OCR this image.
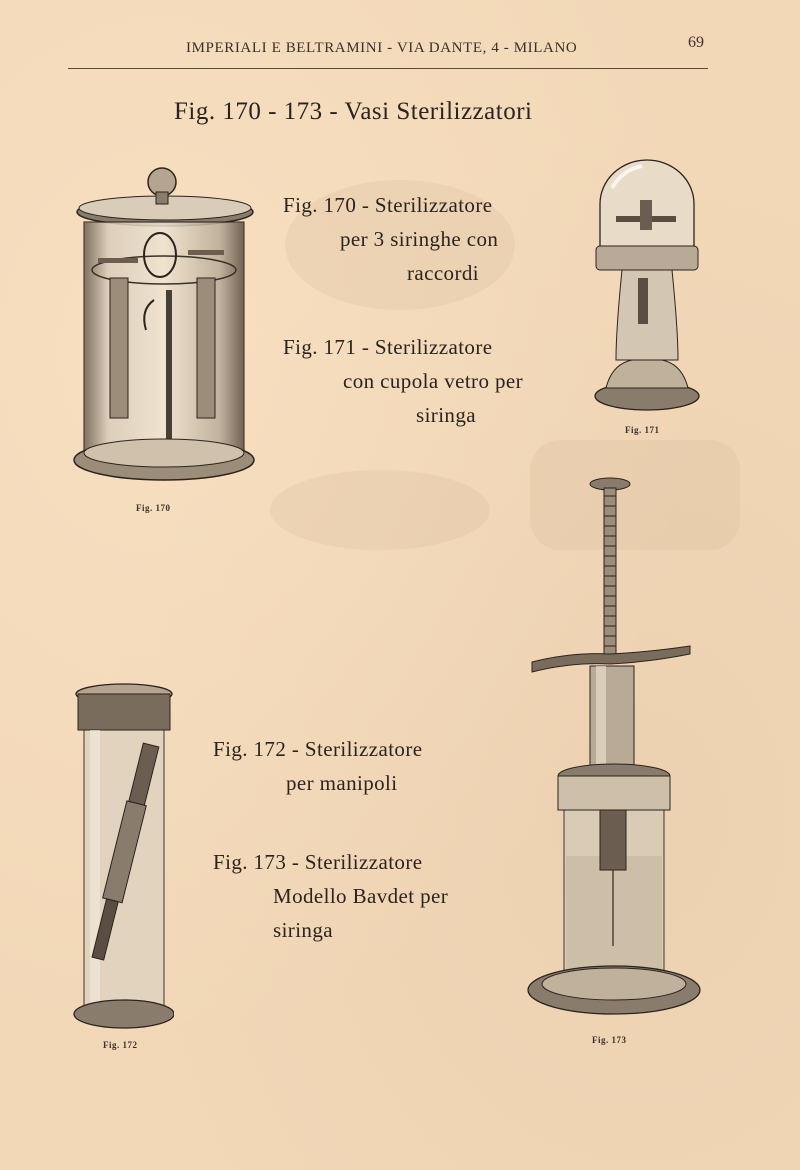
IMPERIALI E BELTRAMINI - VIA DANTE, 4 - MILANO	69
Fig. 170 - 173 - Vasi Sterilizzatori
Fig. 170
Fig. 171
Fig. 172	Fig. 173
Fig. 170 - Sterilizzatore
per 3 siringhe con
raccordi
Fig. 171 - Sterilizzatore
con cupola vetro per
siringa
Fig. 172 - Sterilizzatore
per manipoli
Fig. 173 - Sterilizzatore
Modello Bavdet per
siringa
